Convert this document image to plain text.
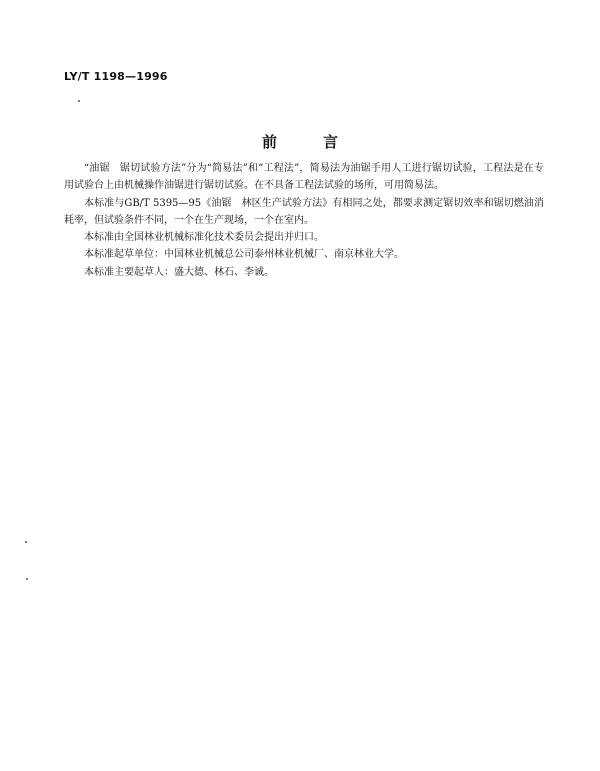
LY/T 1198—1996
前	言

“油锯　锯切试验方法”分为“简易法”和“工程法”，简易法为油锯手用人工进行锯切试验，工程法是在专用试验台上由机械操作油锯进行锯切试验。在不具备工程法试验的场所，可用简易法。

本标准与GB/T 5395—95《油锯　林区生产试验方法》有相同之处，都要求测定锯切效率和锯切燃油消耗率，但试验条件不同，一个在生产现场，一个在室内。

本标准由全国林业机械标准化技术委员会提出并归口。

本标准起草单位：中国林业机械总公司泰州林业机械厂、南京林业大学。

本标准主要起草人：盛大德、林石、李诚。
